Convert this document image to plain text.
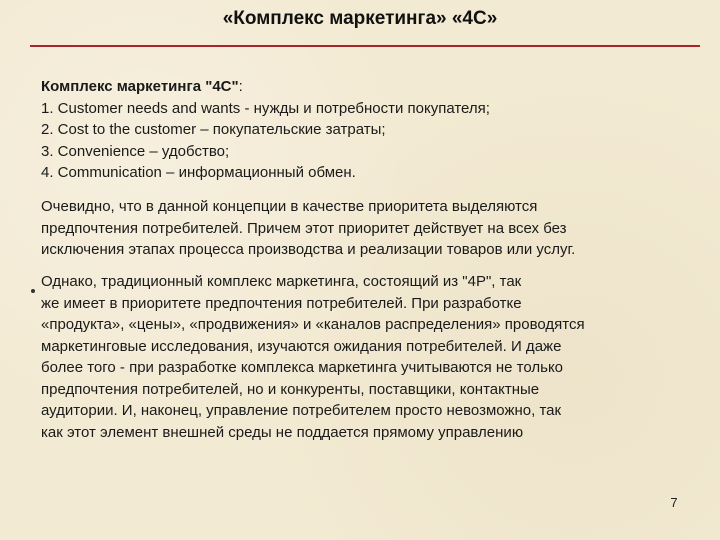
«Комплекс маркетинга» «4С»
Комплекс маркетинга "4С":
1. Customer needs and wants - нужды и потребности покупателя;
2. Cost to the customer – покупательские затраты;
3. Convenience – удобство;
4. Communication – информационный обмен.
Очевидно, что в данной концепции в качестве приоритета выделяются
предпочтения потребителей. Причем этот приоритет действует на всех без
исключения этапах процесса производства и реализации товаров или услуг.
Однако, традиционный комплекс маркетинга, состоящий из "4Р", так
же имеет в приоритете предпочтения потребителей. При разработке
«продукта», «цены», «продвижения» и «каналов распределения» проводятся
маркетинговые исследования, изучаются ожидания потребителей. И даже
более того - при разработке комплекса маркетинга учитываются не только
предпочтения потребителей, но и конкуренты, поставщики, контактные
аудитории. И, наконец, управление потребителем просто невозможно, так
как этот элемент внешней среды не поддается прямому управлению
7
